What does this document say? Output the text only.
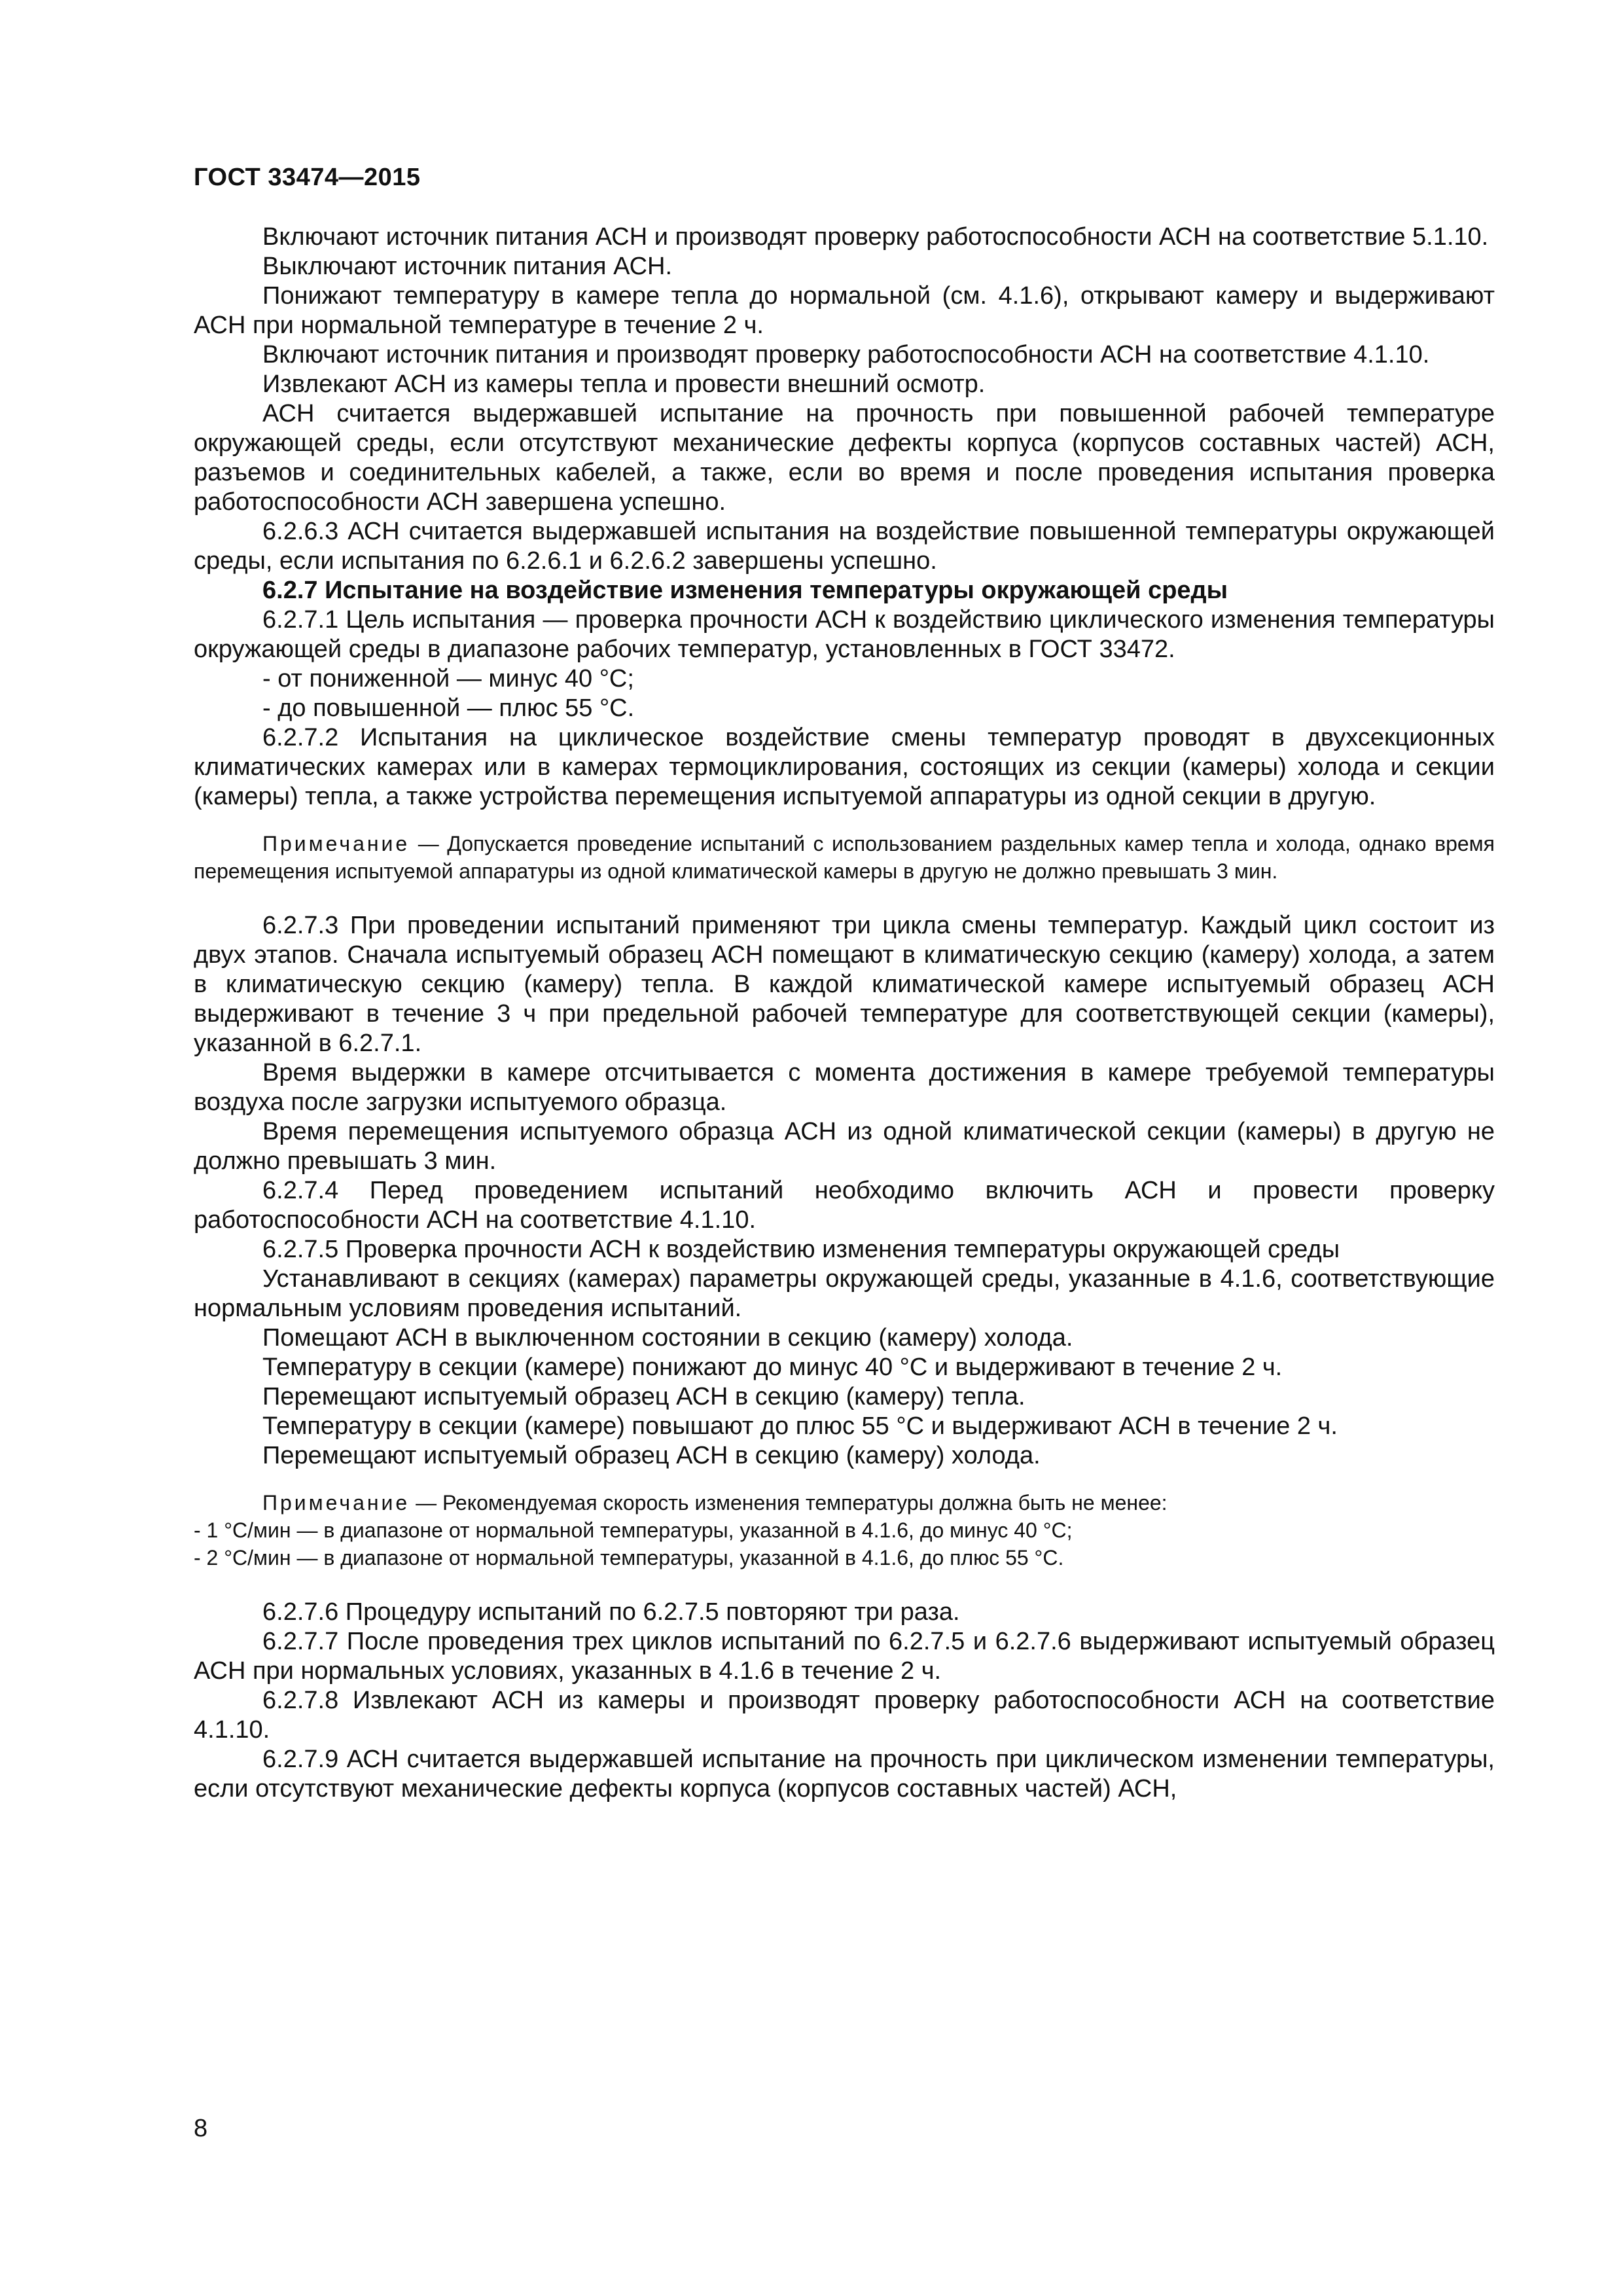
ГОСТ 33474—2015

Включают источник питания АСН и производят проверку работоспособности АСН на соответствие 5.1.10.

Выключают источник питания АСН.

Понижают температуру в камере тепла до нормальной (см. 4.1.6), открывают камеру и выдерживают АСН при нормальной температуре в течение 2 ч.

Включают источник питания и производят проверку работоспособности АСН на соответствие 4.1.10.

Извлекают АСН из камеры тепла и провести внешний осмотр.

АСН считается выдержавшей испытание на прочность при повышенной рабочей температуре окружающей среды, если отсутствуют механические дефекты корпуса (корпусов составных частей) АСН, разъемов и соединительных кабелей, а также, если во время и после проведения испытания проверка работоспособности АСН завершена успешно.

6.2.6.3 АСН считается выдержавшей испытания на воздействие повышенной температуры окружающей среды, если испытания по 6.2.6.1 и 6.2.6.2 завершены успешно.

6.2.7 Испытание на воздействие изменения температуры окружающей среды

6.2.7.1 Цель испытания — проверка прочности АСН к воздействию циклического изменения температуры окружающей среды в диапазоне рабочих температур, установленных в ГОСТ 33472.

- от пониженной — минус 40 °С;

- до повышенной — плюс 55 °С.

6.2.7.2 Испытания на циклическое воздействие смены температур проводят в двухсекционных климатических камерах или в камерах термоциклирования, состоящих из секции (камеры) холода и секции (камеры) тепла, а также устройства перемещения испытуемой аппаратуры из одной секции в другую.

Примечание — Допускается проведение испытаний с использованием раздельных камер тепла и холода, однако время перемещения испытуемой аппаратуры из одной климатической камеры в другую не должно превышать 3 мин.

6.2.7.3 При проведении испытаний применяют три цикла смены температур. Каждый цикл состоит из двух этапов. Сначала испытуемый образец АСН помещают в климатическую секцию (камеру) холода, а затем в климатическую секцию (камеру) тепла. В каждой климатической камере испытуемый образец АСН выдерживают в течение 3 ч при предельной рабочей температуре для соответствующей секции (камеры), указанной в 6.2.7.1.

Время выдержки в камере отсчитывается с момента достижения в камере требуемой температуры воздуха после загрузки испытуемого образца.

Время перемещения испытуемого образца АСН из одной климатической секции (камеры) в другую не должно превышать 3 мин.

6.2.7.4 Перед проведением испытаний необходимо включить АСН и провести проверку работоспособности АСН на соответствие 4.1.10.

6.2.7.5 Проверка прочности АСН к воздействию изменения температуры окружающей среды

Устанавливают в секциях (камерах) параметры окружающей среды, указанные в 4.1.6, соответствующие нормальным условиям проведения испытаний.

Помещают АСН в выключенном состоянии в секцию (камеру) холода.

Температуру в секции (камере) понижают до минус 40 °С и выдерживают в течение 2 ч.

Перемещают испытуемый образец АСН в секцию (камеру) тепла.

Температуру в секции (камере) повышают до плюс 55 °С и выдерживают АСН в течение 2 ч.

Перемещают испытуемый образец АСН в секцию (камеру) холода.

Примечание — Рекомендуемая скорость изменения температуры должна быть не менее:

- 1 °С/мин — в диапазоне от нормальной температуры, указанной в 4.1.6, до минус 40 °С;

- 2 °С/мин — в диапазоне от нормальной температуры, указанной в 4.1.6, до плюс 55 °С.

6.2.7.6 Процедуру испытаний по 6.2.7.5 повторяют три раза.

6.2.7.7 После проведения трех циклов испытаний по 6.2.7.5 и 6.2.7.6 выдерживают испытуемый образец АСН при нормальных условиях, указанных в 4.1.6 в течение 2 ч.

6.2.7.8 Извлекают АСН из камеры и производят проверку работоспособности АСН на соответствие 4.1.10.

6.2.7.9 АСН считается выдержавшей испытание на прочность при циклическом изменении температуры, если отсутствуют механические дефекты корпуса (корпусов составных частей) АСН,

8
